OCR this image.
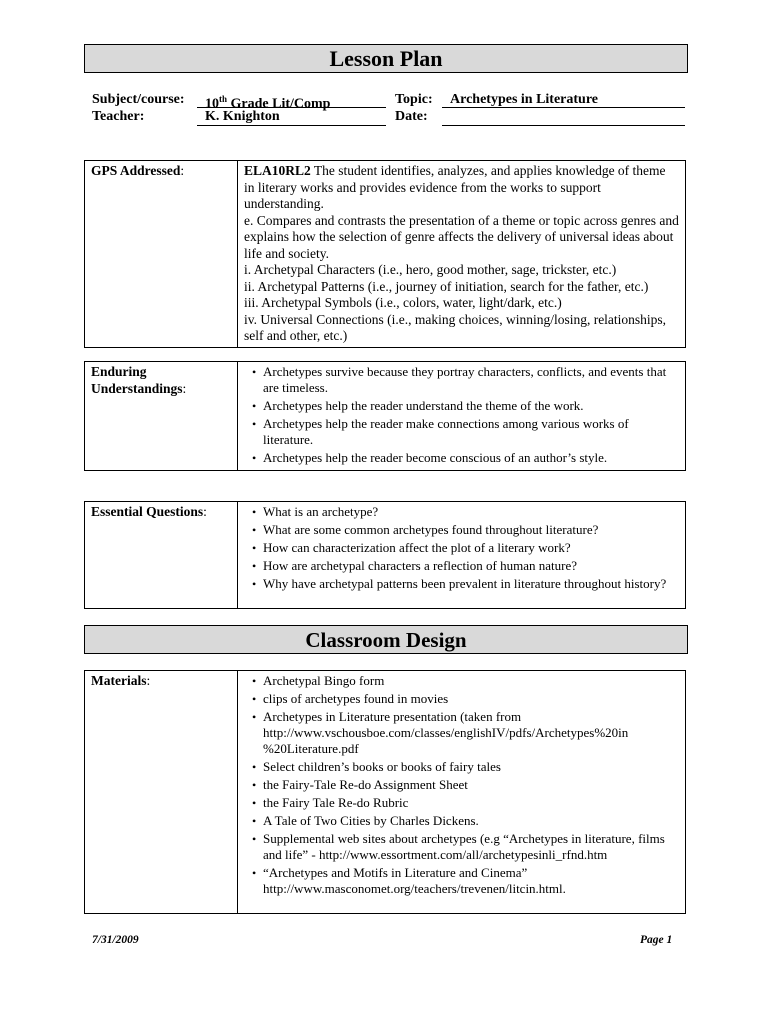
Lesson Plan
Subject/course: 10th Grade Lit/Comp
Teacher:	K. Knighton
Topic: Archetypes in Literature
Date:
GPS Addressed:	ELA10RL2 The student identifies, analyzes, and applies knowledge of theme in literary works and provides evidence from the works to support understanding.
e. Compares and contrasts the presentation of a theme or topic across genres and explains how the selection of genre affects the delivery of universal ideas about life and society.
i. Archetypal Characters (i.e., hero, good mother, sage, trickster, etc.)
ii. Archetypal Patterns (i.e., journey of initiation, search for the father, etc.)
iii. Archetypal Symbols (i.e., colors, water, light/dark, etc.)
iv. Universal Connections (i.e., making choices, winning/losing, relationships, self and other, etc.)
Enduring
Understandings:	
• Archetypes survive because they portray characters, conflicts, and events that are timeless.
• Archetypes help the reader understand the theme of the work.
• Archetypes help the reader make connections among various works of literature.
• Archetypes help the reader become conscious of an author’s style.
Essential Questions:	
•What is an archetype?
• What are some common archetypes found throughout literature?
• How can characterization affect the plot of a literary work?
• How are archetypal characters a reflection of human nature?
• Why have archetypal patterns been prevalent in literature throughout history?
Classroom Design
Materials:	
•Archetypal Bingo form
• clips of archetypes found in movies
• Archetypes in Literature presentation (taken from http://www.vschousboe.com/classes/englishIV/pdfs/Archetypes%20in %20Literature.pdf
• Select children’s books or books of fairy tales
• the Fairy-Tale Re-do Assignment Sheet
• the Fairy Tale Re-do Rubric
• A Tale of Two Cities by Charles Dickens.
• Supplemental web sites about archetypes (e.g “Archetypes in literature, films and life” - http://www.essortment.com/all/archetypesinli_rfnd.htm
• “Archetypes and Motifs in Literature and Cinema” http://www.masconomet.org/teachers/trevenen/litcin.html.
7/31/2009	Page 1
